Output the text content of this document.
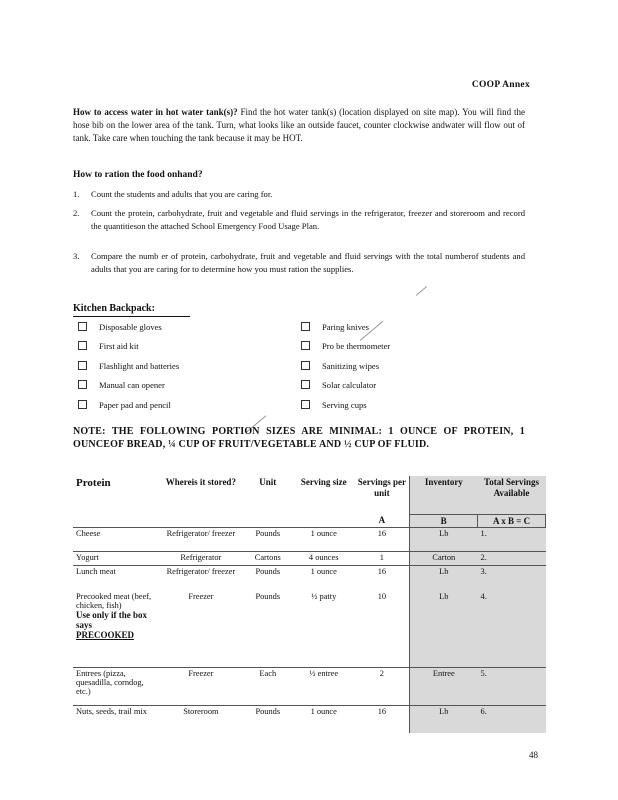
COOP Annex
How to access water in hot water tank(s)? Find the hot water tank(s) (location displayed on site map). You will find the hose bib on the lower area of the tank. Turn, what looks like an outside faucet, counter clockwise andwater will flow out of tank. Take care when touching the tank because it may be HOT.
How to ration the food onhand?
1. Count the students and adults that you are caring for.
2. Count the protein, carbohydrate, fruit and vegetable and fluid servings in the refrigerator, freezer and storeroom and record the quantitieson the attached School Emergency Food Usage Plan.
3. Compare the numb er of protein, carbohydrate, fruit and vegetable and fluid servings with the total numberof students and adults that you are caring for to determine how you must ration the supplies.
Kitchen Backpack:
Disposable gloves
First aid kit
Flashlight and batteries
Manual can opener
Paper pad and pencil
Paring knives
Pro be thermometer
Sanitizing wipes
Solar calculator
Serving cups
NOTE: THE FOLLOWING PORTION SIZES ARE MINIMAL: 1 OUNCE OF PROTEIN, 1 OUNCEOF BREAD, ¼ CUP OF FRUIT/VEGETABLE AND ½ CUP OF FLUID.
Protein	Whereis it stored?	Unit	Serving size	Servings per unit	Inventory	Total Servings Available
				A	B	A x B = C
Cheese	Refrigerator/ freezer	Pounds	1 ounce	16	Lb	1.
Yogurt	Refrigerator	Cartons	4 ounces	1	Carton	2.
Lunch meat	Refrigerator/ freezer	Pounds	1 ounce	16	Lb	3.

Precooked meat (beef, chicken, fish)
Use only if the box says
PRECOOKED	Freezer	Pounds	½ patty	10	Lb	4.
Entrees (pizza, quesadilla, corndog, etc.)	Freezer	Each	½ entree	2	Entree	5.
Nuts, seeds, trail mix	Storeroom	Pounds	1 ounce	16	Lb	6.
48
